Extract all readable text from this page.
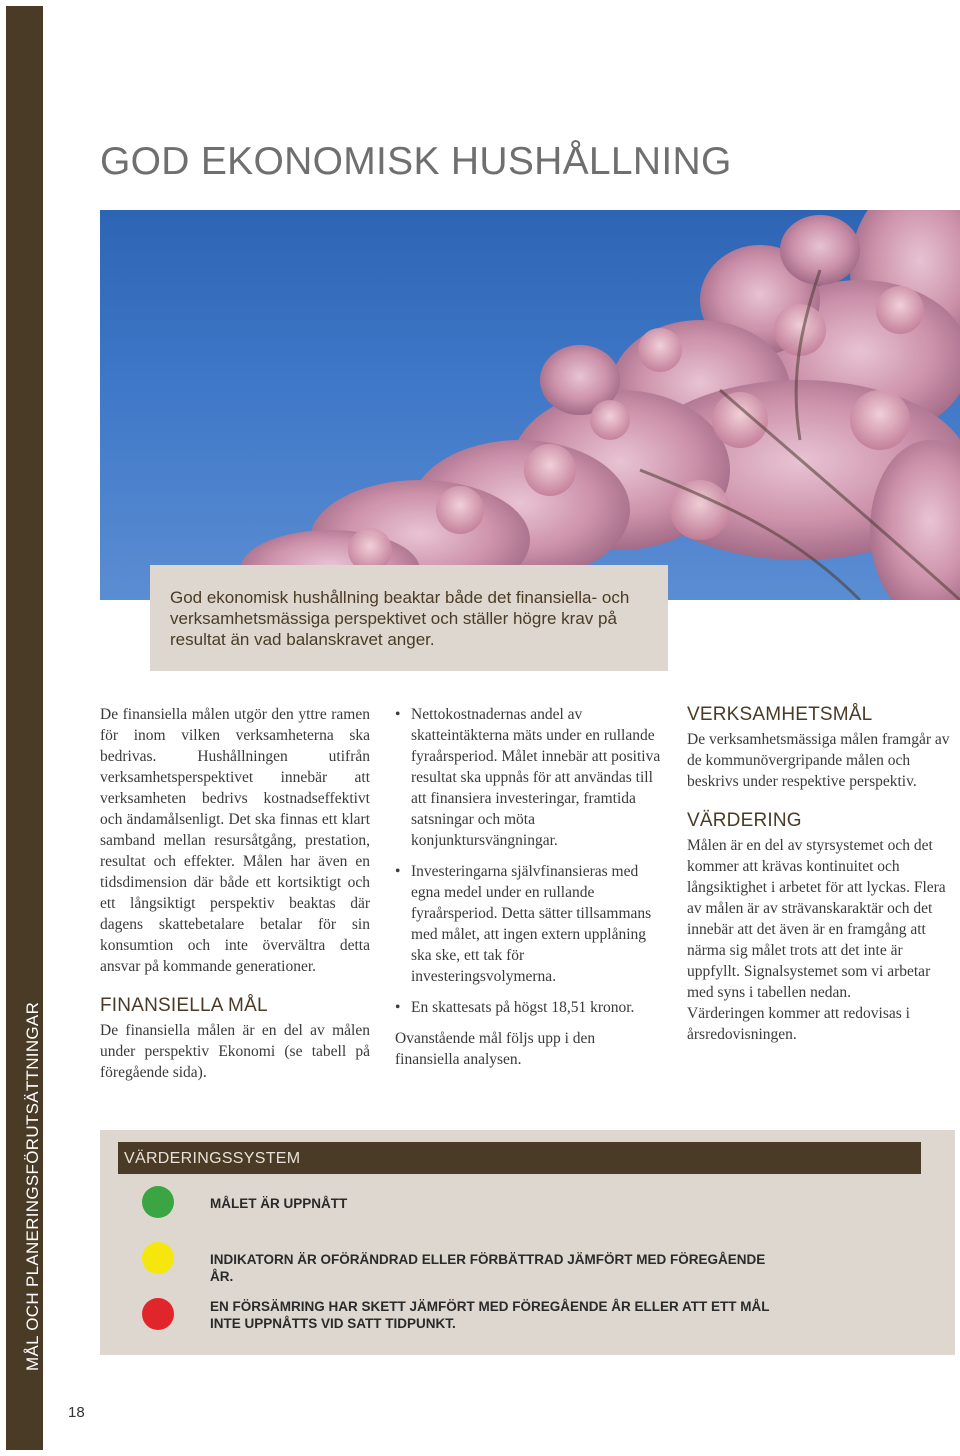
MÅL OCH PLANERINGSFÖRUTSÄTTNINGAR
18
GOD EKONOMISK HUSHÅLLNING

God ekonomisk hushållning beaktar både det finansiella- och verksamhetsmässiga perspektivet och ställer högre krav på resultat än vad balanskravet anger.

De finansiella målen utgör den yttre ramen för inom vilken verksamheterna ska bedrivas. Hushållningen utifrån verksamhetsperspektivet innebär att verksamheten bedrivs kostnadseffektivt och ändamålsenligt. Det ska finnas ett klart samband mellan resursåtgång, prestation, resultat och effekter. Målen har även en tidsdimension där både ett kortsiktigt och ett långsiktigt perspektiv beaktas där dagens skattebetalare betalar för sin konsumtion och inte övervältra detta ansvar på kommande generationer.

FINANSIELLA MÅL

De finansiella målen är en del av målen under perspektiv Ekonomi (se tabell på föregående sida).

• Nettokostnadernas andel av skatteintäkterna mäts under en rullande fyraårsperiod. Målet innebär att positiva resultat ska uppnås för att användas till att finansiera investeringar, framtida satsningar och möta konjunktursvängningar.
• Investeringarna självfinansieras med egna medel under en rullande fyraårsperiod. Detta sätter tillsammans med målet, att ingen extern upplåning ska ske, ett tak för investeringsvolymerna.
• En skattesats på högst 18,51 kronor.

Ovanstående mål följs upp i den finansiella analysen.

VERKSAMHETSMÅL

De verksamhetsmässiga målen framgår av de kommunövergripande målen och beskrivs under respektive perspektiv.

VÄRDERING

Målen är en del av styrsystemet och det kommer att krävas kontinuitet och långsiktighet i arbetet för att lyckas. Flera av målen är av strävanskaraktär och det innebär att det även är en framgång att närma sig målet trots att det inte är uppfyllt. Signalsystemet som vi arbetar med syns i tabellen nedan.

Värderingen kommer att redovisas i årsredovisningen.

VÄRDERINGSSYSTEM
MÅLET ÄR UPPNÅTT
INDIKATORN ÄR OFÖRÄNDRAD ELLER FÖRBÄTTRAD JÄMFÖRT MED FÖREGÅENDE ÅR.
EN FÖRSÄMRING HAR SKETT JÄMFÖRT MED FÖREGÅENDE ÅR ELLER ATT ETT MÅL INTE UPPNÅTTS VID SATT TIDPUNKT.
